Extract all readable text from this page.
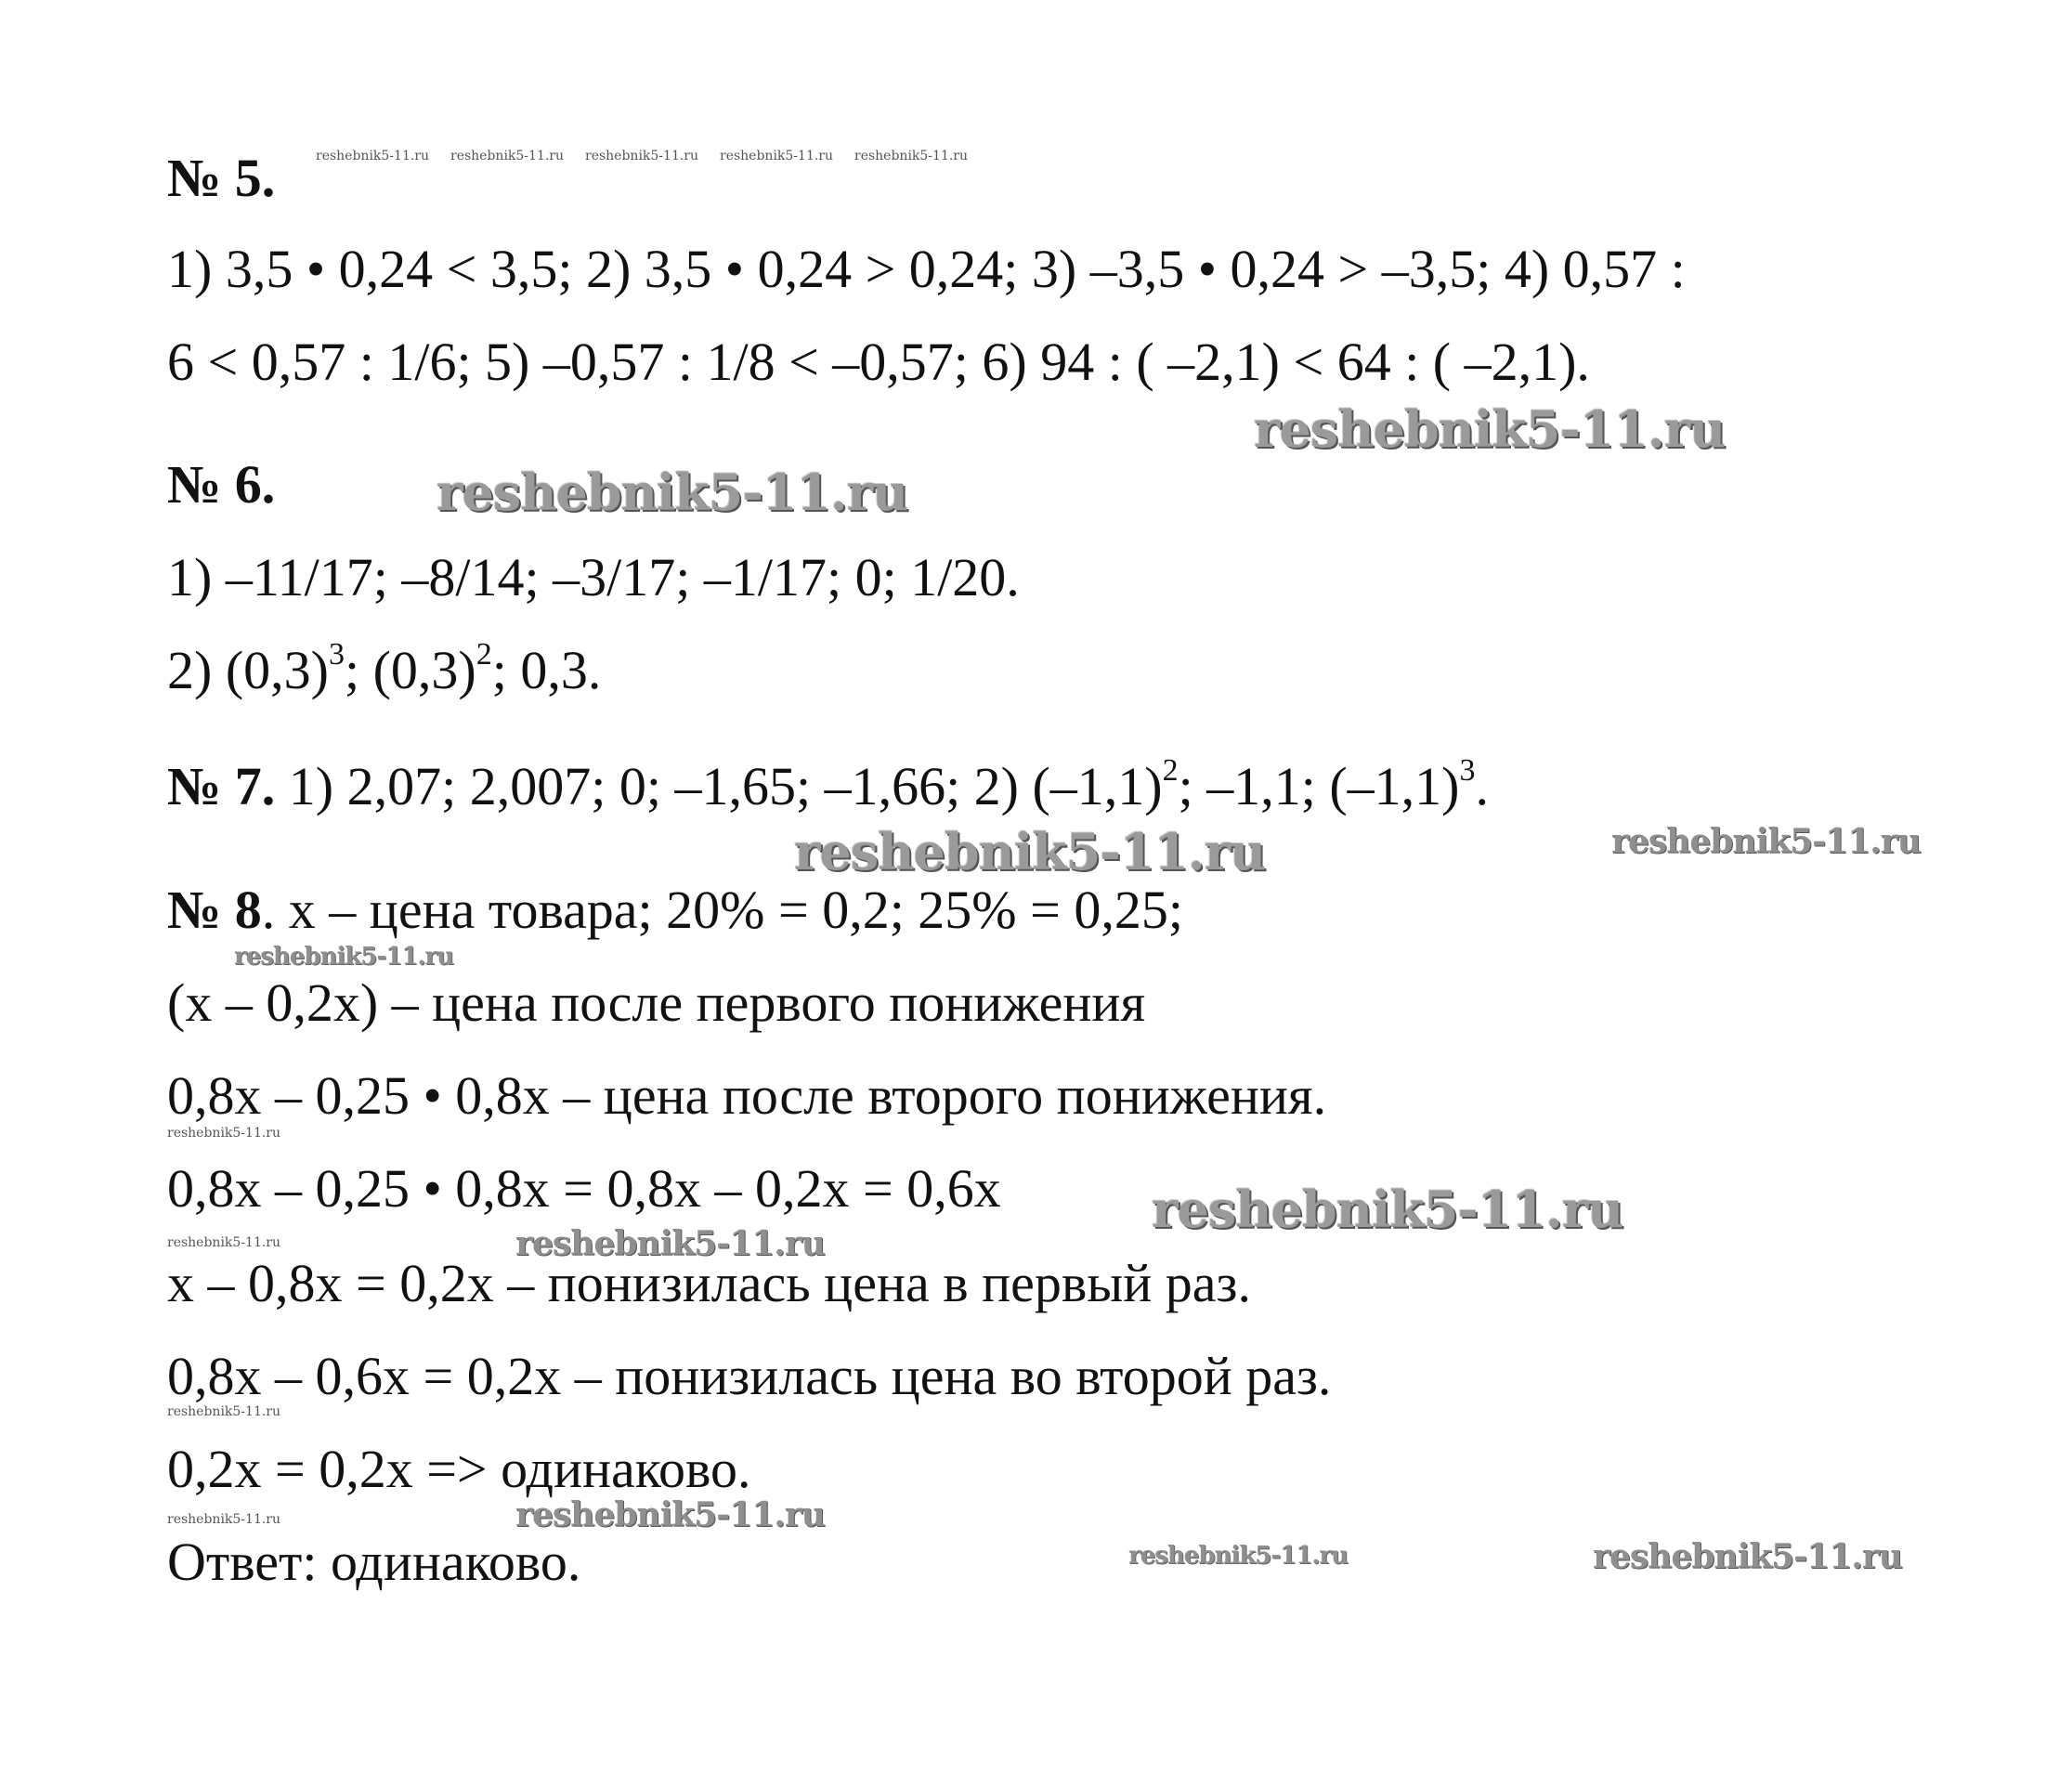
№ 5.
1) 3,5 • 0,24 < 3,5; 2) 3,5 • 0,24 > 0,24; 3) –3,5 • 0,24 > –3,5; 4) 0,57 :
6 < 0,57 : 1/6; 5) –0,57 : 1/8 < –0,57; 6) 94 : ( –2,1) < 64 : ( –2,1).
№ 6.
1) –11/17; –8/14; –3/17; –1/17; 0; 1/20.
2) $(0,3)^3$; $(0,3)^2$; 0,3.
№ 7. 1) 2,07; 2,007; 0; –1,65; –1,66; 2) $(-1,1)^2$; –1,1; $(-1,1)^3$.
№ 8. x – цена товара; 20% = 0,2; 25% = 0,25;
(x – 0,2x) – цена после первого понижения
0,8x – 0,25 • 0,8x – цена после второго понижения.
0,8x – 0,25 • 0,8x = 0,8x – 0,2x = 0,6x
x – 0,8x = 0,2x – понизилась цена в первый раз.
0,8x – 0,6x = 0,2x – понизилась цена во второй раз.
0,2x = 0,2x => одинаково.
Ответ: одинаково.
reshebnik5-11.ru reshebnik5-11.ru reshebnik5-11.ru reshebnik5-11.ru reshebnik5-11.ru
reshebnik5-11.ru
reshebnik5-11.ru
reshebnik5-11.ru	reshebnik5-11.ru
reshebnik5-11.ru
reshebnik5-11.ru
reshebnik5-11.ru
reshebnik5-11.ru	reshebnik5-11.ru
reshebnik5-11.ru
reshebnik5-11.ru	reshebnik5-11.ru
reshebnik5-11.ru	reshebnik5-11.ru
